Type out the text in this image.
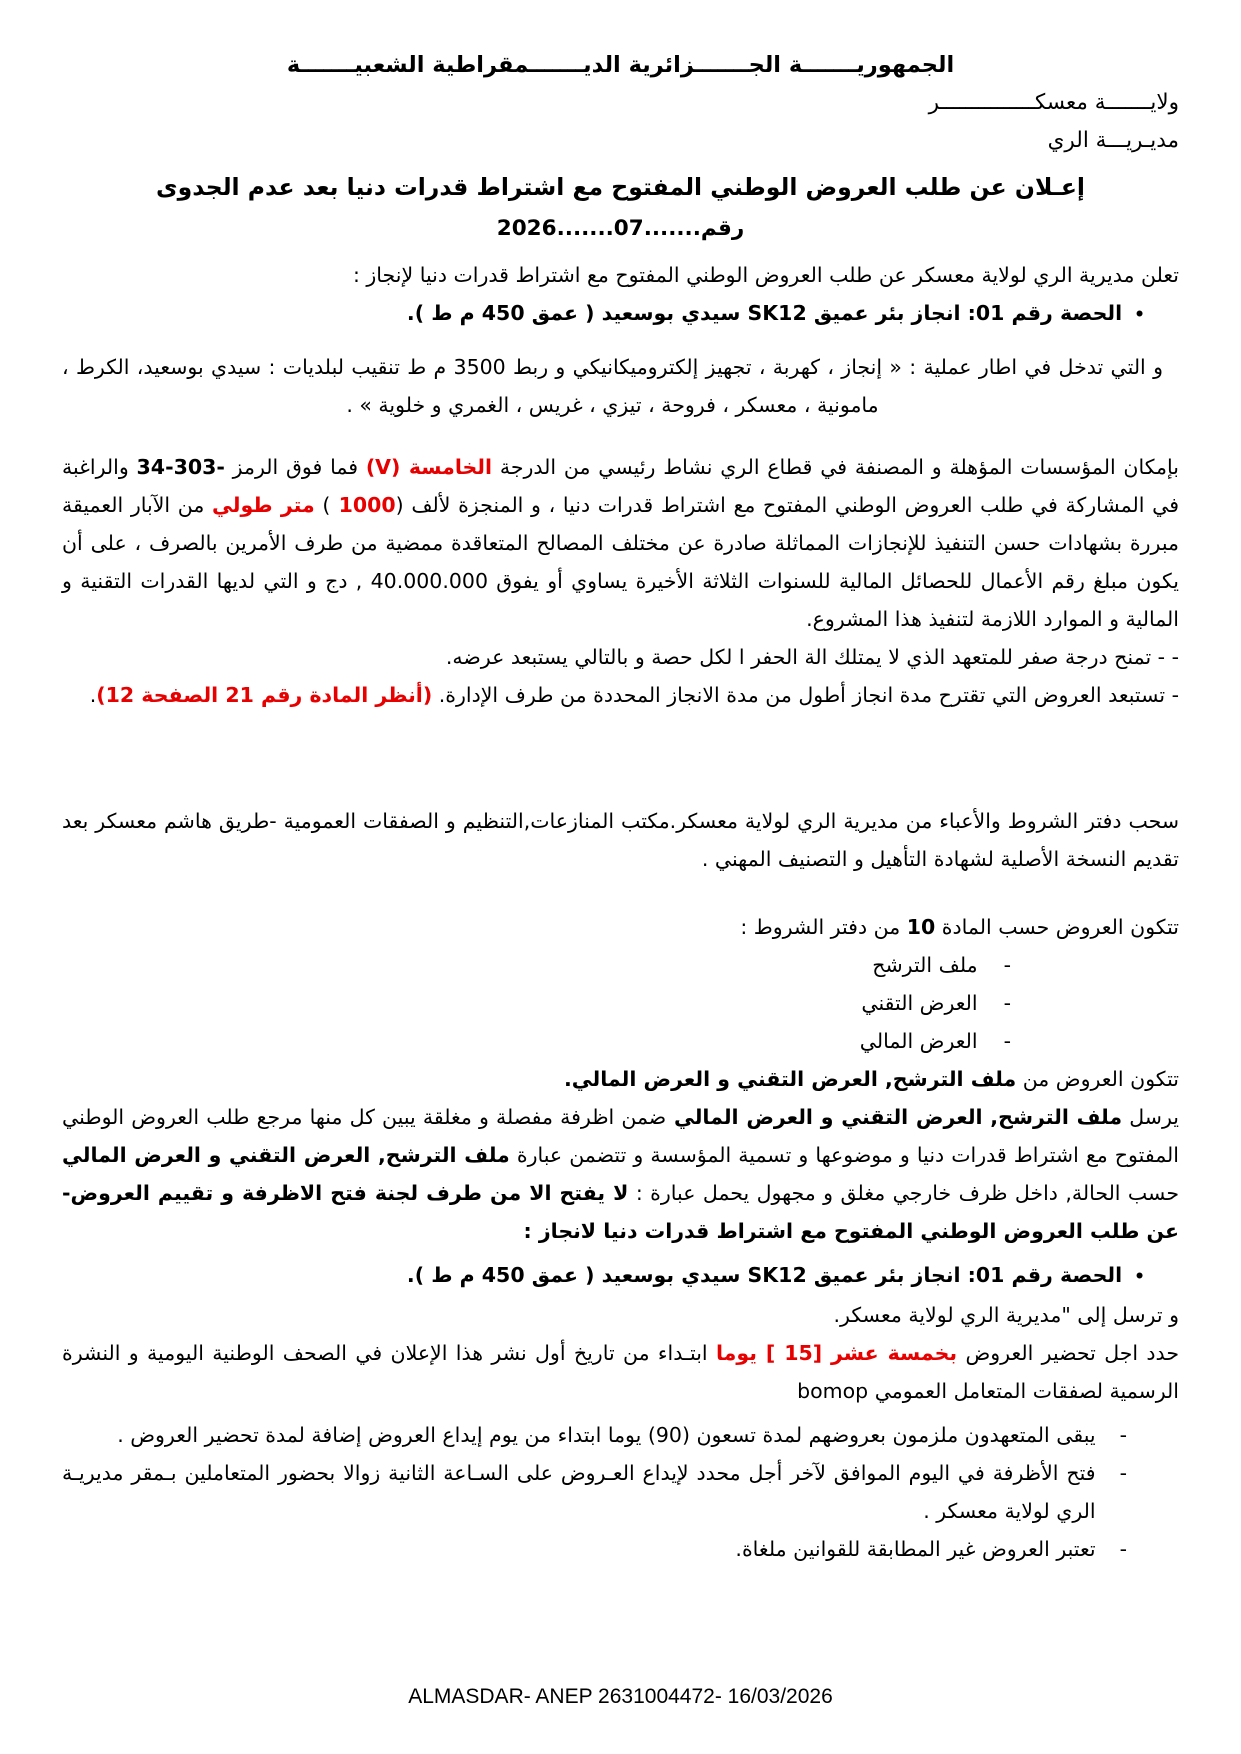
الجمهوريـــــــة الجـــــــزائرية الديـــــــمقراطية الشعبيـــــــة
ولايـــــــة معسكـــــــــــــــر
مديـريـــة الري
إعـلان عن طلب العروض الوطني المفتوح مع اشتراط قدرات دنيا بعد عدم الجدوى
رقم.......07.......2026

تعلن مديرية الري لولاية معسكر عن طلب العروض الوطني المفتوح مع اشتراط قدرات دنيا لإنجاز :

•الحصة رقم 01: انجاز بئر عميق SK12 سيدي بوسعيد ( عمق 450 م ط ).

و التي تدخل في اطار عملية : « إنجاز ، كهربة ، تجهيز إلكتروميكانيكي و ربط 3500 م ط تنقيب لبلديات : سيدي بوسعيد، الكرط ، مامونية ، معسكر ، فروحة ، تيزي ، غريس ، الغمري و خلوية » .

بإمكان المؤسسات المؤهلة و المصنفة في قطاع الري نشاط رئيسي من الدرجة الخامسة (V) فما فوق الرمز 34-303- والراغبة في المشاركة في طلب العروض الوطني المفتوح مع اشتراط قدرات دنيا ، و المنجزة لألف (1000 ) متر طولي من الآبار العميقة مبررة بشهادات حسن التنفيذ للإنجازات المماثلة صادرة عن مختلف المصالح المتعاقدة ممضية من طرف الأمرين بالصرف ، على أن يكون مبلغ رقم الأعمال للحصائل المالية للسنوات الثلاثة الأخيرة يساوي أو يفوق 40.000.000 , دج و التي لديها القدرات التقنية و المالية و الموارد اللازمة لتنفيذ هذا المشروع.

- - تمنح درجة صفر للمتعهد الذي لا يمتلك الة الحفر ا لكل حصة و بالتالي يستبعد عرضه.

- تستبعد العروض التي تقترح مدة انجاز أطول من مدة الانجاز المحددة من طرف الإدارة. (أنظر المادة رقم 21 الصفحة 12).

سحب دفتر الشروط والأعباء من مديرية الري لولاية معسكر.مكتب المنازعات,التنظيم و الصفقات العمومية -طريق هاشم معسكر بعد تقديم النسخة الأصلية لشهادة التأهيل و التصنيف المهني .

تتكون العروض حسب المادة 10 من دفتر الشروط :

-ملف الترشح
-العرض التقني
-العرض المالي

تتكون العروض من ملف الترشح, العرض التقني و العرض المالي.

يرسل ملف الترشح, العرض التقني و العرض المالي ضمن اظرفة مفصلة و مغلقة يبين كل منها مرجع طلب العروض الوطني المفتوح مع اشتراط قدرات دنيا و موضوعها و تسمية المؤسسة و تتضمن عبارة ملف الترشح, العرض التقني و العرض المالي حسب الحالة, داخل ظرف خارجي مغلق و مجهول يحمل عبارة : لا يفتح الا من طرف لجنة فتح الاظرفة و تقييم العروض-عن طلب العروض الوطني المفتوح مع اشتراط قدرات دنيا لانجاز :

•الحصة رقم 01: انجاز بئر عميق SK12 سيدي بوسعيد ( عمق 450 م ط ).

و ترسل إلى "مديرية الري لولاية معسكر.

حدد اجل تحضير العروض بخمسة عشر [15 ] يوما ابتـداء من تاريخ أول نشر هذا الإعلان في الصحف الوطنية اليومية و النشرة الرسمية لصفقات المتعامل العمومي bomop

-
يبقى المتعهدون ملزمون بعروضهم لمدة تسعون (90) يوما ابتداء من يوم إيداع العروض إضافة لمدة تحضير العروض .
-
فتح الأظرفة في اليوم الموافق لآخر أجل محدد لإيداع العـروض على السـاعة الثانية زوالا بحضور المتعاملين بـمقر مديريـة الري لولاية معسكر .
-
تعتبر العروض غير المطابقة للقوانين ملغاة.
ALMASDAR- ANEP 2631004472- 16/03/2026
